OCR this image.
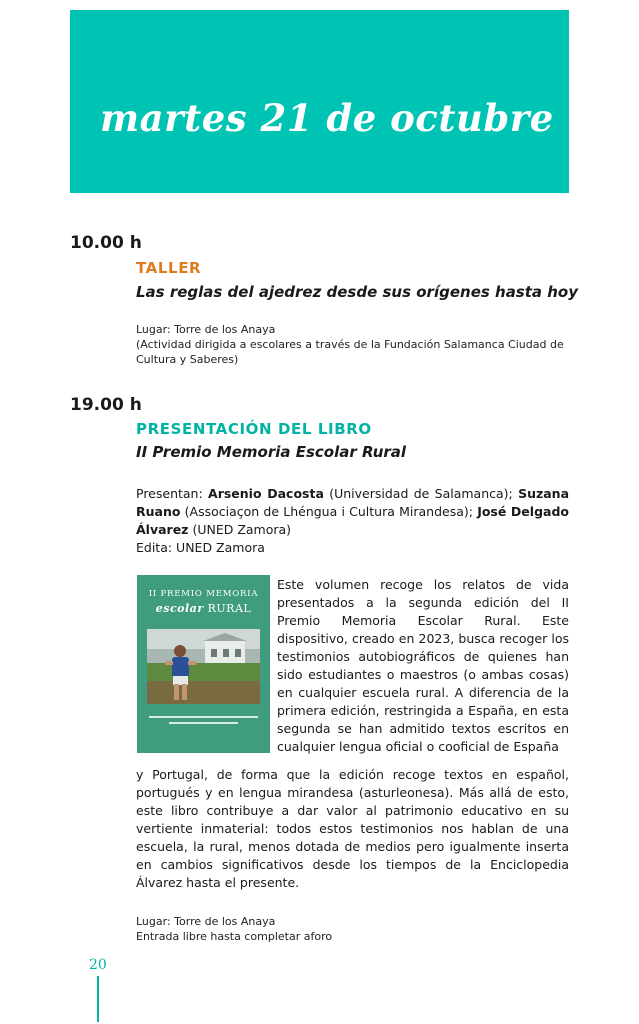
martes 21 de octubre
10.00 h
TALLER
Las reglas del ajedrez desde sus orígenes hasta hoy

Lugar: Torre de los Anaya

(Actividad dirigida a escolares a través de la Fundación Salamanca Ciudad de Cultura y Saberes)

19.00 h
PRESENTACIÓN DEL LIBRO
II Premio Memoria Escolar Rural

Presentan: Arsenio Dacosta (Universidad de Salamanca); Suzana Ruano (Associaçon de Lhéngua i Cultura Mirandesa); José Delgado Álvarez (UNED Zamora)

Edita: UNED Zamora

II PREMIO MEMORIA
escolar RURAL

Este volumen recoge los relatos de vida presentados a la segunda edición del II Premio Memoria Escolar Rural. Este dispositivo, creado en 2023, busca recoger los testimonios autobiográficos de quienes han sido estudiantes o maestros (o ambas cosas) en cualquier escuela rural. A diferencia de la primera edición, restringida a España, en esta segunda se han admitido textos escritos en cualquier lengua oficial o cooficial de España

y Portugal, de forma que la edición recoge textos en español, portugués y en lengua mirandesa (asturleonesa). Más allá de esto, este libro contribuye a dar valor al patrimonio educativo en su vertiente inmaterial: todos estos testimonios nos hablan de una escuela, la rural, menos dotada de medios pero igualmente inserta en cambios significativos desde los tiempos de la Enciclopedia Álvarez hasta el presente.

Lugar: Torre de los Anaya

Entrada libre hasta completar aforo

20
